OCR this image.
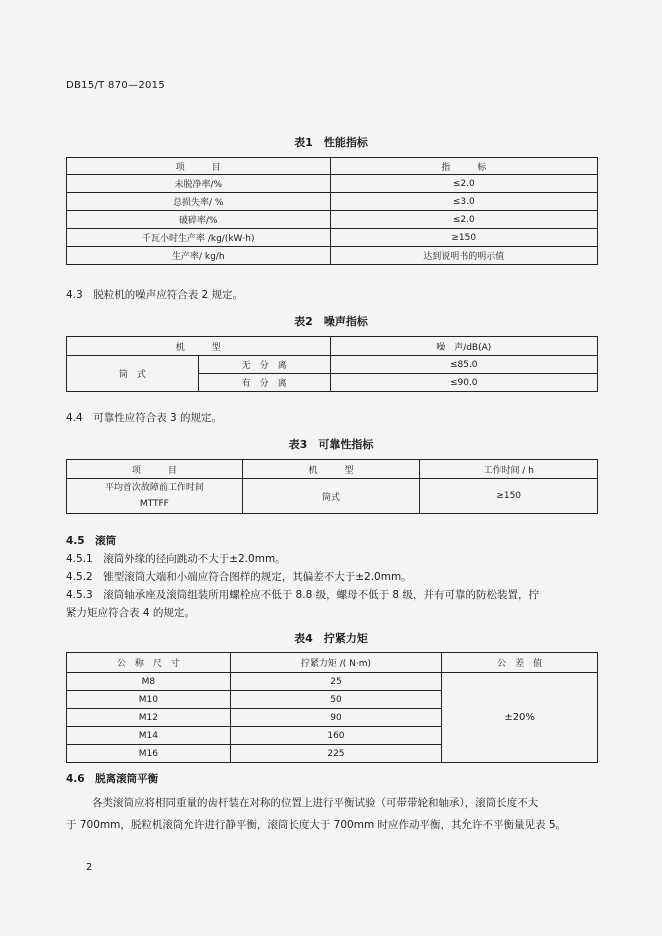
DB15/T 870—2015
表1　性能指标
项　　　目	指　　　标
未脱净率/%	≤2.0
总损失率/ %	≤3.0
破碎率/%	≤2.0
千瓦小时生产率 /kg/(kW·h)	≥150
生产率/ kg/h	达到说明书的明示值
4.3　脱粒机的噪声应符合表 2 规定。
表2　噪声指标
机　　　型		噪　声/dB(A)
筒　式	无　分　离	≤85.0
	有　分　离	≤90.0
4.4　可靠性应符合表 3 的规定。
表3　可靠性指标
项　　　目	机　　　型	工作时间 / h

平均首次故障前工作时间
MTTFF	筒式	≥150
4.5　滚筒
4.5.1　滚筒外缘的径向跳动不大于±2.0mm。
4.5.2　锥型滚筒大端和小端应符合图样的规定，其偏差不大于±2.0mm。
4.5.3　滚筒轴承座及滚筒组装所用螺栓应不低于 8.8 级，螺母不低于 8 级，并有可靠的防松装置，拧
紧力矩应符合表 4 的规定。
表4　拧紧力矩
公　称　尺　寸	拧紧力矩 /( N·m)	公　差　值
M8	25	±20%
M10	50	
M12	90	
M14	160	
M16	225	
4.6　脱离滚筒平衡
各类滚筒应将相同重量的齿杆装在对称的位置上进行平衡试验（可带带轮和轴承），滚筒长度不大
于 700mm，脱粒机滚筒允许进行静平衡，滚筒长度大于 700mm 时应作动平衡，其允许不平衡量见表 5。
2
